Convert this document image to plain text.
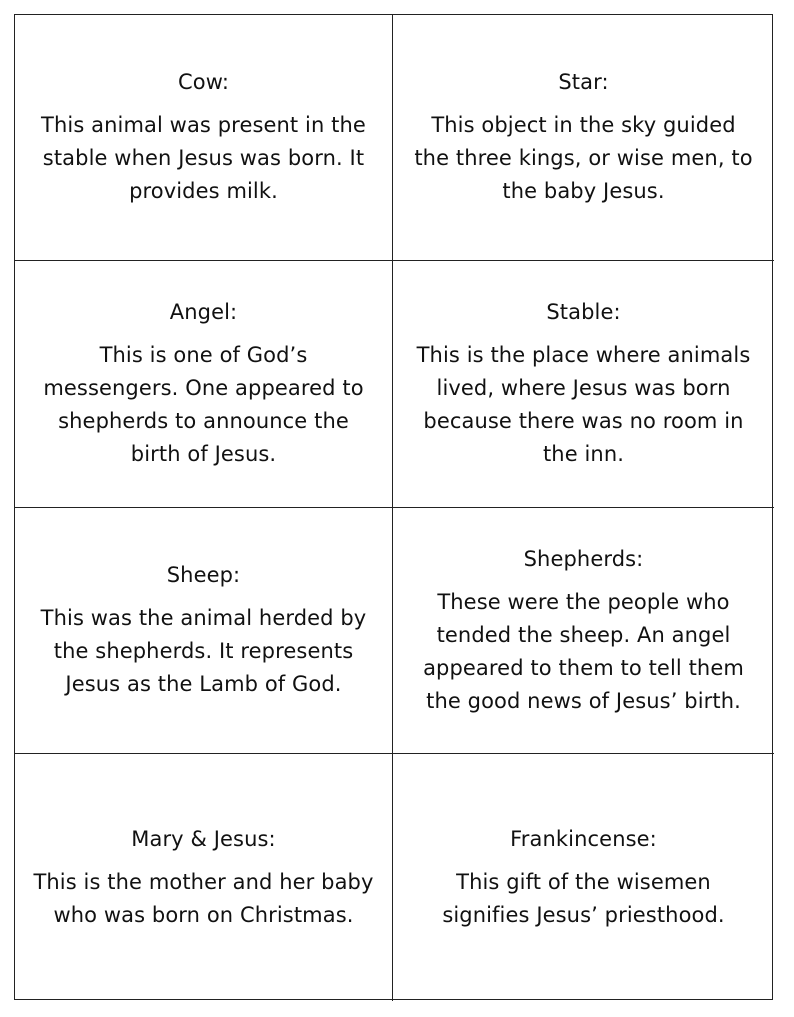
Cow:
This animal was present in the
stable when Jesus was born. It
provides milk.
Star:
This object in the sky guided
the three kings, or wise men, to
the baby Jesus.
Angel:
This is one of God’s
messengers. One appeared to
shepherds to announce the
birth of Jesus.
Stable:
This is the place where animals
lived, where Jesus was born
because there was no room in
the inn.
Sheep:
This was the animal herded by
the shepherds. It represents
Jesus as the Lamb of God.
Shepherds:
These were the people who
tended the sheep. An angel
appeared to them to tell them
the good news of Jesus’ birth.
Mary & Jesus:
This is the mother and her baby
who was born on Christmas.
Frankincense:
This gift of the wisemen
signifies Jesus’ priesthood.
